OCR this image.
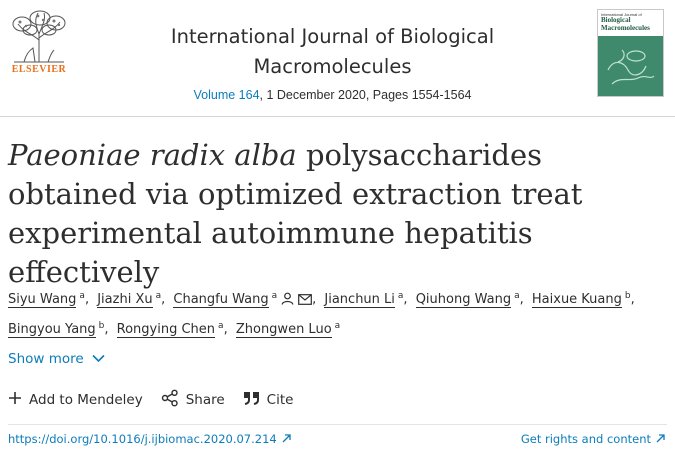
ELSEVIER

International Journal of Biological
Macromolecules

Volume 164, 1 December 2020, Pages 1554-1564
International Journal of
Biological
Macromolecules
Paeoniae radix alba polysaccharides obtained via optimized extraction treat experimental autoimmune hepatitis effectively
Siyu Wang $^a$, Jiazhi Xu $^a$, Changfu Wang $^a$	, Jianchun Li $^a$, Qiuhong Wang $^a$, Haixue Kuang $^b$, Bingyou Yang $^b$, Rongying Chen $^a$, Zhongwen Luo $^a$
Show more
Add to Mendeley	Share	Cite
https://doi.org/10.1016/j.ijbiomac.2020.07.214	Get rights and content
